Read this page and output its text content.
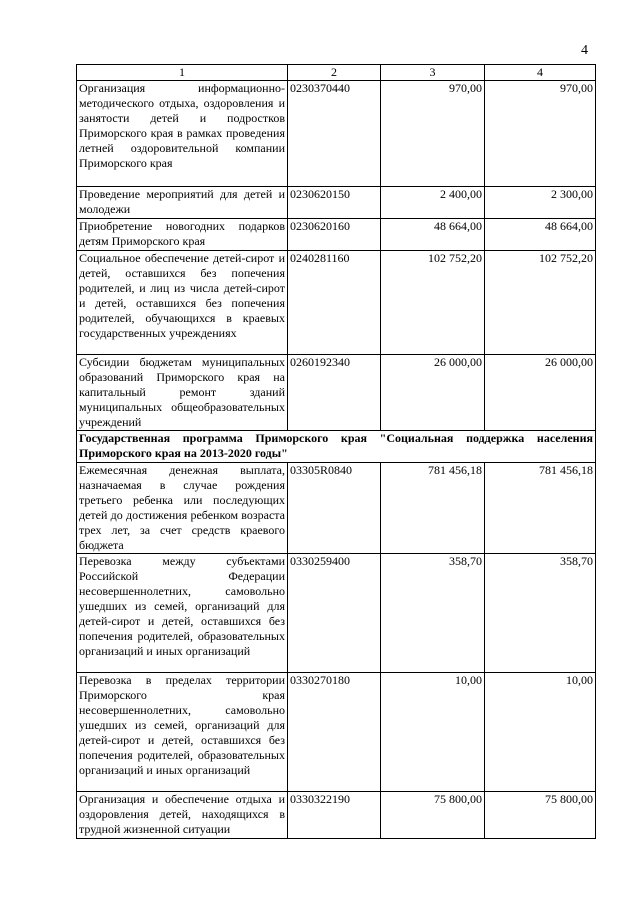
4
1	2	3	4
Организация информационно-методического отдыха, оздоровления и занятости детей и подростков Приморского края в рамках проведения летней оздоровительной компании Приморского края	0230370440	970,00	970,00
Проведение мероприятий для детей и молодежи	0230620150	2 400,00	2 300,00
Приобретение новогодних подарков детям Приморского края	0230620160	48 664,00	48 664,00
Социальное обеспечение детей-сирот и детей, оставшихся без попечения родителей, и лиц из числа детей-сирот и детей, оставшихся без попечения родителей, обучающихся в краевых государственных учреждениях	0240281160	102 752,20	102 752,20
Субсидии бюджетам муниципальных образований Приморского края на капитальный ремонт зданий муниципальных общеобразовательных учреждений	0260192340	26 000,00	26 000,00
Государственная программа Приморского края "Социальная поддержка населения Приморского края на 2013-2020 годы"			
Ежемесячная денежная выплата, назначаемая в случае рождения третьего ребенка или последующих детей до достижения ребенком возраста трех лет, за счет средств краевого бюджета	03305R0840	781 456,18	781 456,18
Перевозка между субъектами Российской Федерации несовершеннолетних, самовольно ушедших из семей, организаций для детей-сирот и детей, оставшихся без попечения родителей, образовательных организаций и иных организаций	0330259400	358,70	358,70
Перевозка в пределах территории Приморского края несовершеннолетних, самовольно ушедших из семей, организаций для детей-сирот и детей, оставшихся без попечения родителей, образовательных организаций и иных организаций	0330270180	10,00	10,00
Организация и обеспечение отдыха и оздоровления детей, находящихся в трудной жизненной ситуации	0330322190	75 800,00	75 800,00
